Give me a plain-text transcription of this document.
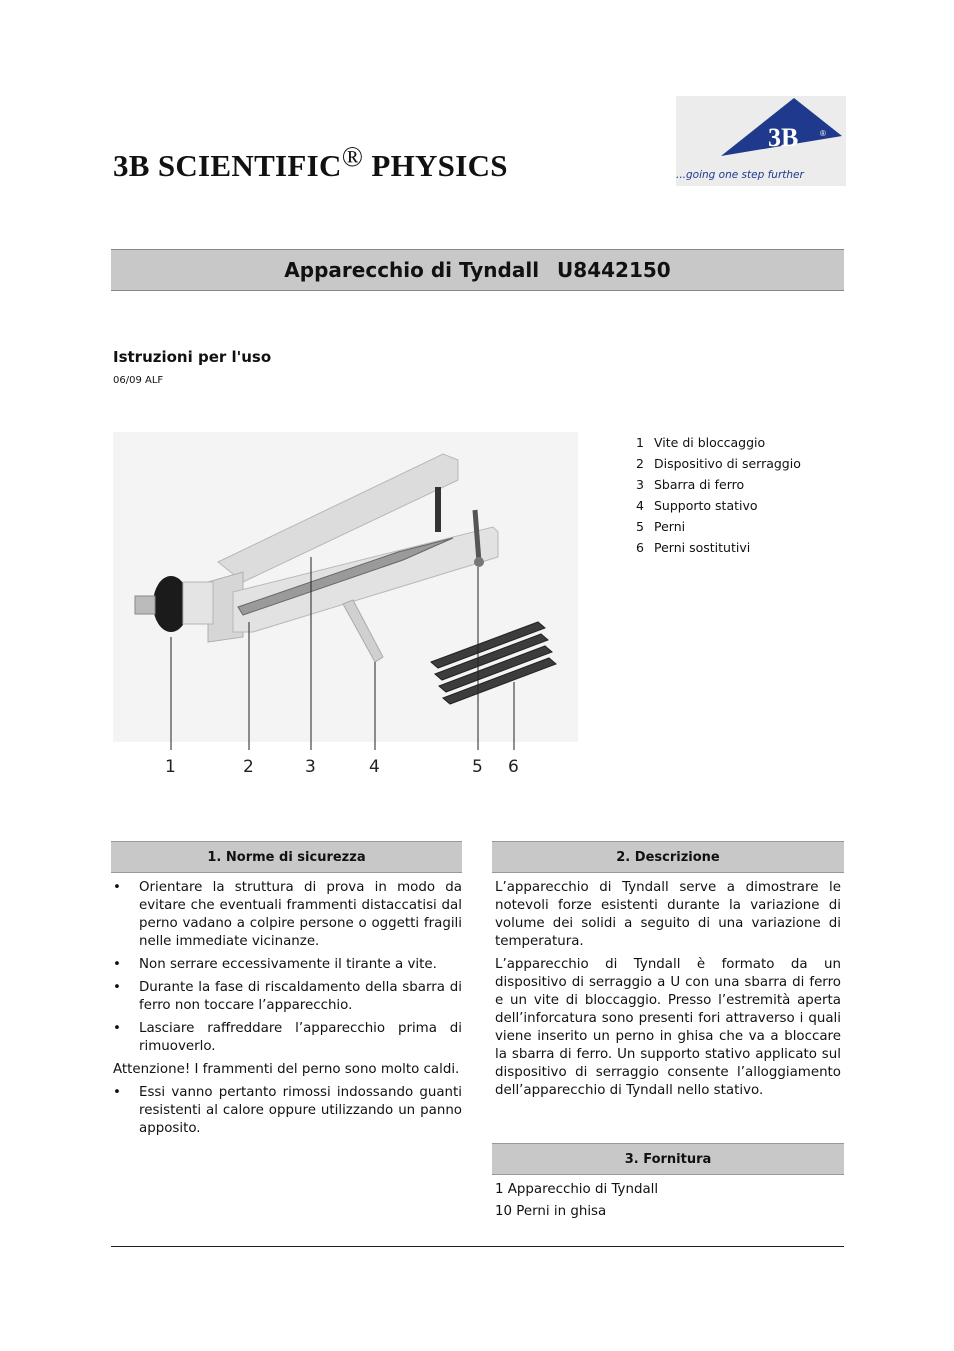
3B SCIENTIFIC® PHYSICS
3B	®
...going one step further
Apparecchio di Tyndall U8442150
Istruzioni per l'uso
06/09 ALF
1	2	3	4	5 6
1 Vite di bloccaggio
2 Dispositivo di serraggio
3 Sbarra di ferro
4 Supporto stativo
5 Perni
6 Perni sostitutivi
1. Norme di sicurezza
• Orientare la struttura di prova in modo da evitare che eventuali frammenti distaccatisi dal perno vadano a colpire persone o oggetti fragili nelle immediate vicinanze.
• Non serrare eccessivamente il tirante a vite.
• Durante la fase di riscaldamento della sbarra di ferro non toccare l’apparecchio.
• Lasciare raffreddare l’apparecchio prima di rimuoverlo.

Attenzione! I frammenti del perno sono molto caldi.

• Essi vanno pertanto rimossi indossando guanti resistenti al calore oppure utilizzando un panno apposito.
2. Descrizione

L’apparecchio di Tyndall serve a dimostrare le notevoli forze esistenti durante la variazione di volume dei solidi a seguito di una variazione di temperatura.

L’apparecchio di Tyndall è formato da un dispositivo di serraggio a U con una sbarra di ferro e un vite di bloccaggio. Presso l’estremità aperta dell’inforcatura sono presenti fori attraverso i quali viene inserito un perno in ghisa che va a bloccare la sbarra di ferro. Un supporto stativo applicato sul dispositivo di serraggio consente l’alloggiamento dell’apparecchio di Tyndall nello stativo.

3. Fornitura
1 Apparecchio di Tyndall
10 Perni in ghisa
